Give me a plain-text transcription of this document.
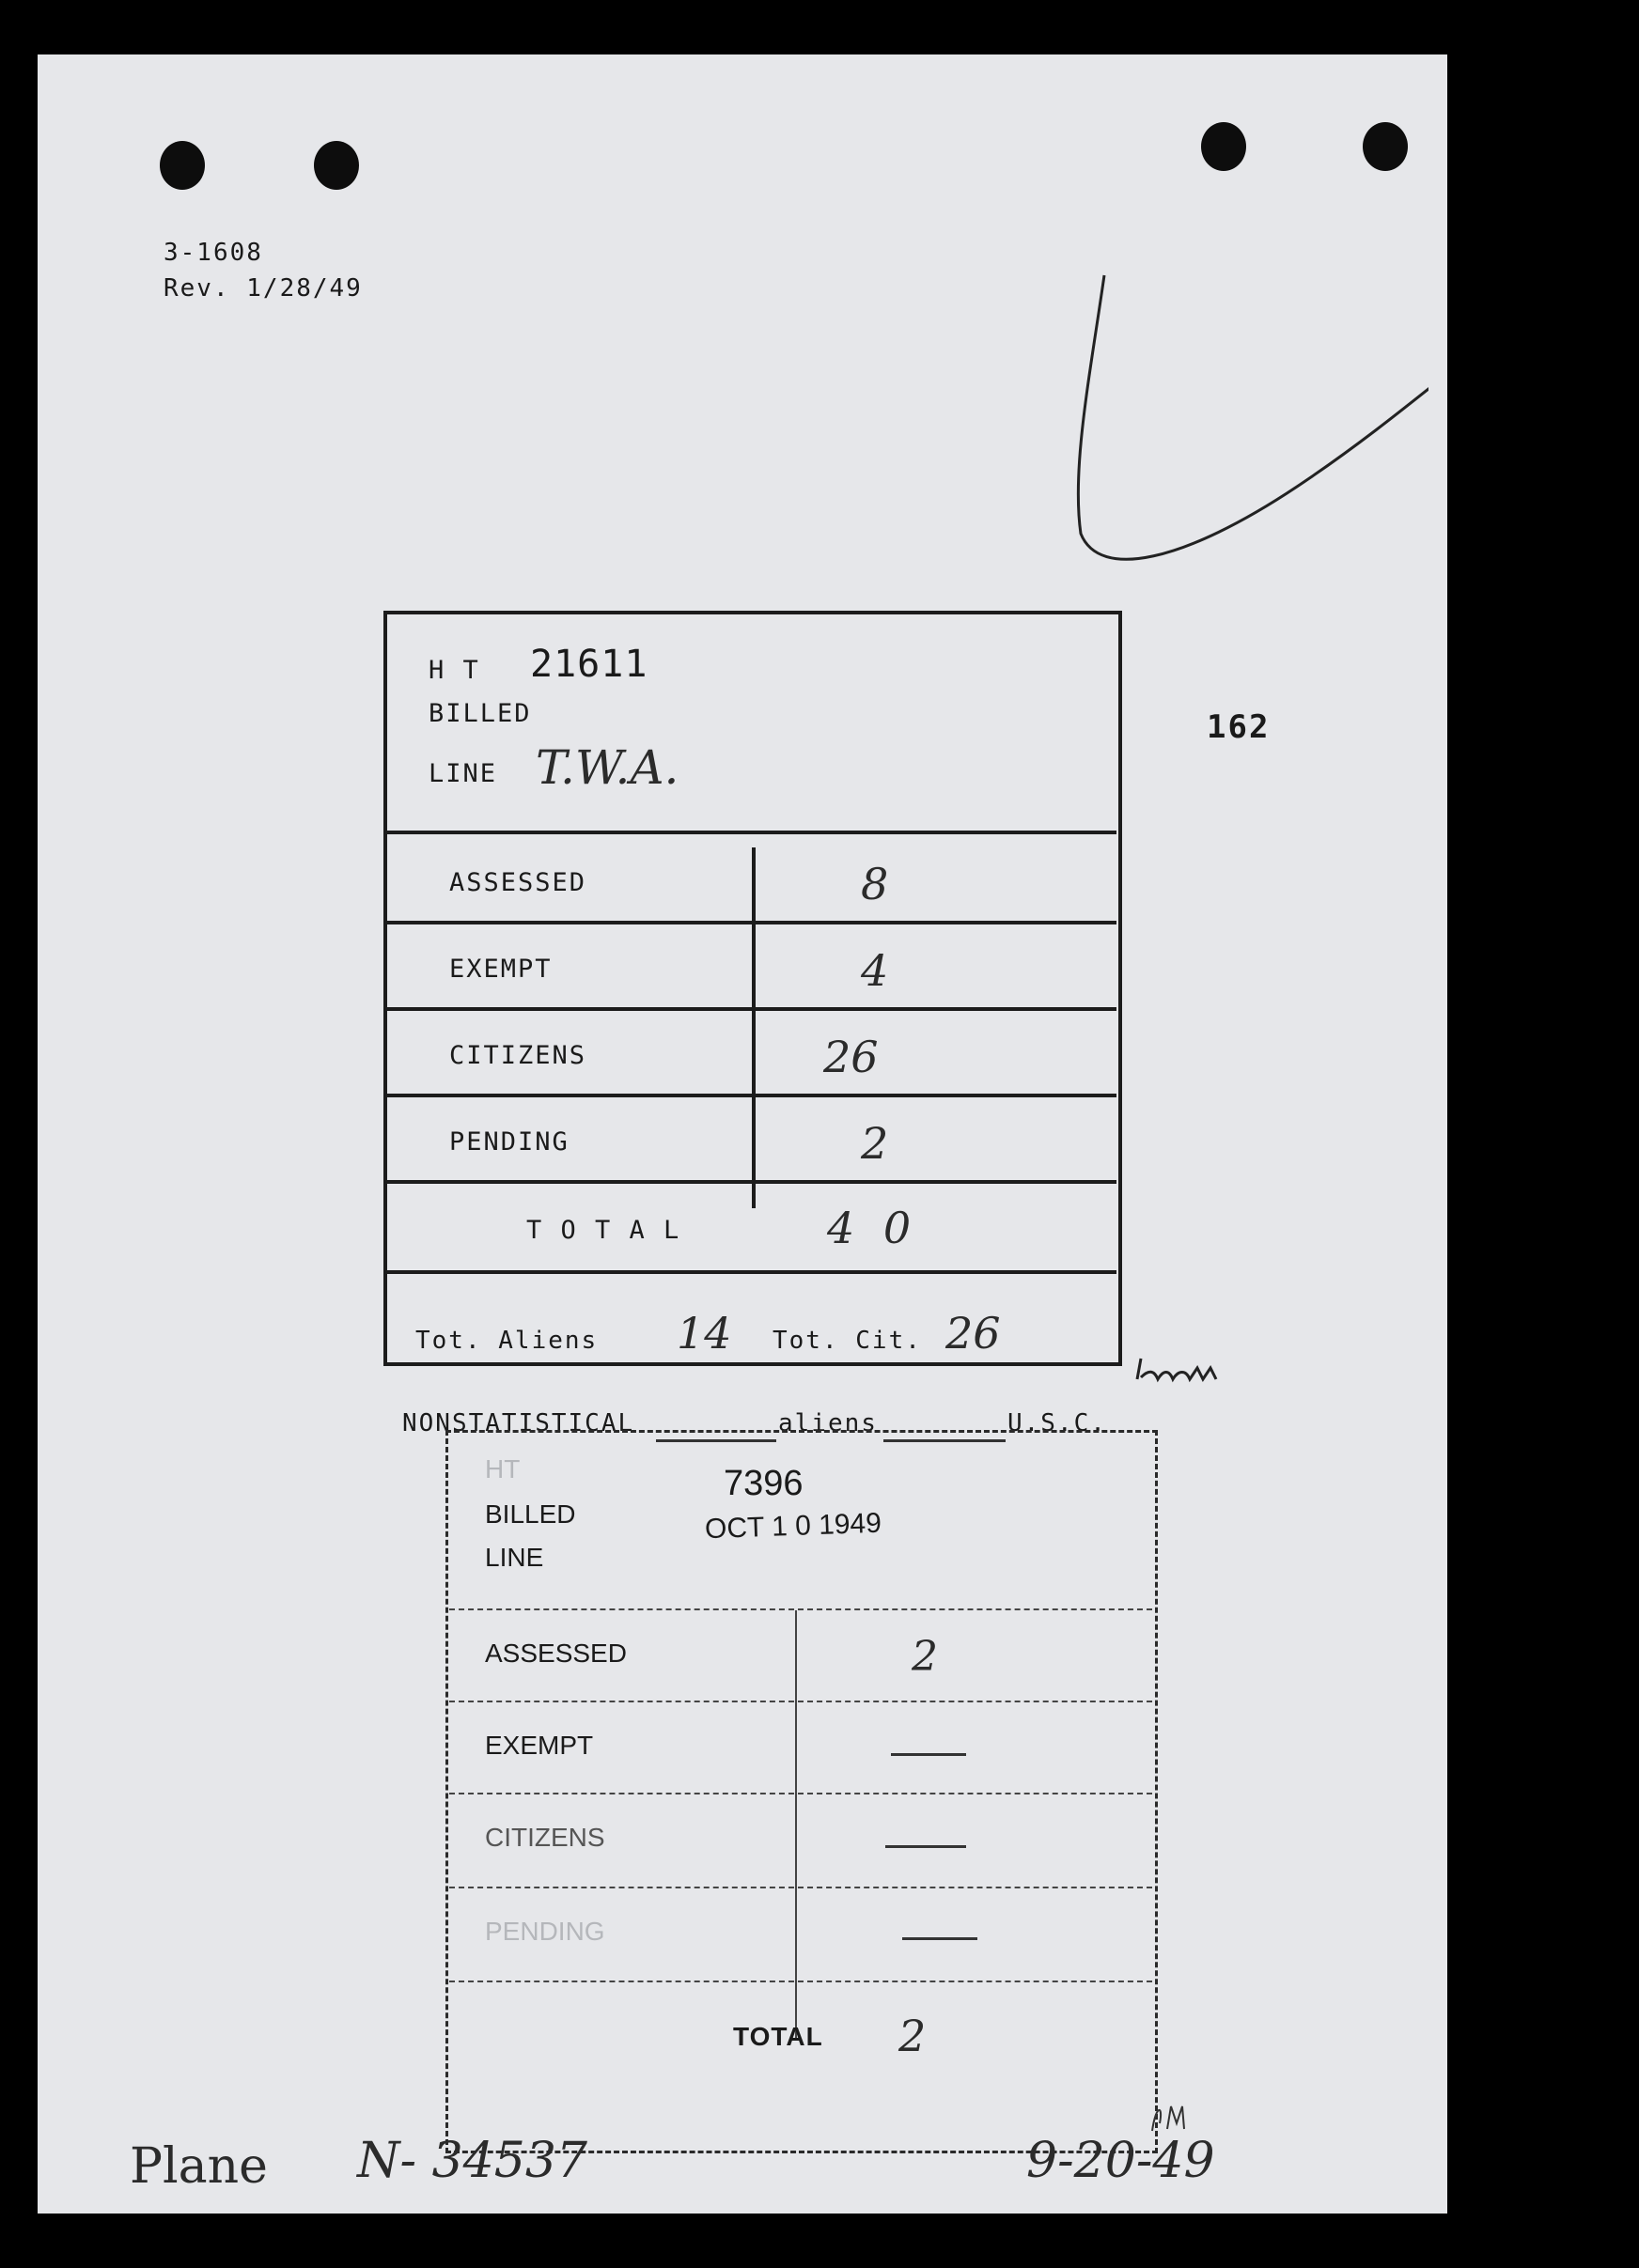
3-1608
Rev. 1/28/49
162
H T 21611
BILLED
LINE T.W.A.
ASSESSED	8
EXEMPT	4
CITIZENS	26
PENDING	2
T O T A L	4 0
Tot. Aliens 14 Tot. Cit. 26
NONSTATISTICAL	aliens	U.S.C.
HT	7396
BILLED	OCT 1 0 1949
LINE
ASSESSED	2
EXEMPT
CITIZENS
PENDING
TOTAL 2
Plane N- 34537	9-20-49
